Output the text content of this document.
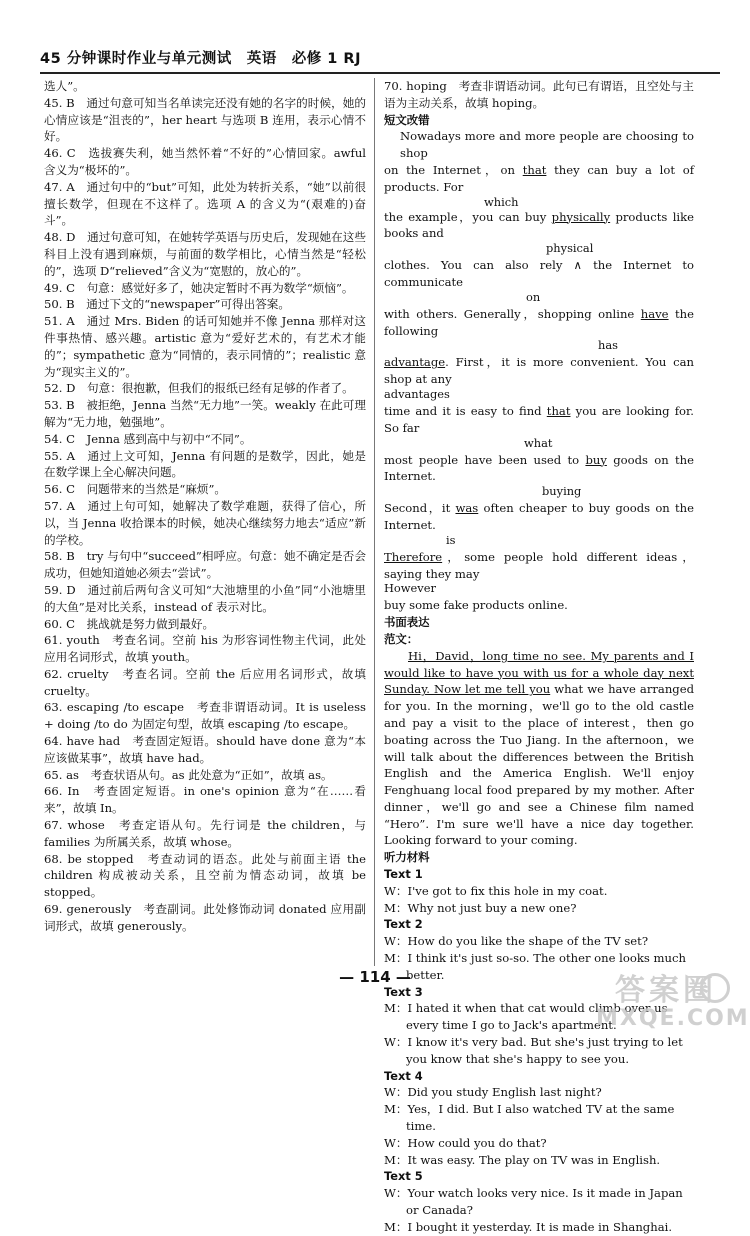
45 分钟课时作业与单元测试　英语　必修 1 RJ
选人”。
45. B　通过句意可知当名单读完还没有她的名字的时候，她的心情应该是“沮丧的”，her heart 与选项 B 连用，表示心情不好。
46. C　选拔赛失利，她当然怀着“不好的”心情回家。awful 含义为“极坏的”。
47. A　通过句中的“but”可知，此处为转折关系，“她”以前很擅长数学，但现在不这样了。选项 A 的含义为“(艰难的)奋斗”。
48. D　通过句意可知，在她转学英语与历史后，发现她在这些科目上没有遇到麻烦，与前面的数学相比，心情当然是“轻松的”，选项 D“relieved”含义为“宽慰的，放心的”。
49. C　句意：感觉好多了，她决定暂时不再为数学“烦恼”。
50. B　通过下文的“newspaper”可得出答案。
51. A　通过 Mrs. Biden 的话可知她并不像 Jenna 那样对这件事热情、感兴趣。artistic 意为“爱好艺术的，有艺术才能的”；sympathetic 意为“同情的，表示同情的”；realistic 意为“现实主义的”。
52. D　句意：很抱歉，但我们的报纸已经有足够的作者了。
53. B　被拒绝，Jenna 当然“无力地”一笑。weakly 在此可理解为“无力地，勉强地”。
54. C　Jenna 感到高中与初中“不同”。
55. A　通过上文可知，Jenna 有问题的是数学，因此，她是在数学课上全心解决问题。
56. C　问题带来的当然是“麻烦”。
57. A　通过上句可知，她解决了数学难题，获得了信心，所以，当 Jenna 收拾课本的时候，她决心继续努力地去“适应”新的学校。
58. B　try 与句中“succeed”相呼应。句意：她不确定是否会成功，但她知道她必须去“尝试”。
59. D　通过前后两句含义可知“大池塘里的小鱼”同“小池塘里的大鱼”是对比关系，instead of 表示对比。
60. C　挑战就是努力做到最好。
61. youth　考查名词。空前 his 为形容词性物主代词，此处应用名词形式，故填 youth。
62. cruelty　考查名词。空前 the 后应用名词形式，故填 cruelty。
63. escaping /to escape　考查非谓语动词。It is useless + doing /to do 为固定句型，故填 escaping /to escape。
64. have had　考查固定短语。should have done 意为“本应该做某事”，故填 have had。
65. as　考查状语从句。as 此处意为“正如”，故填 as。
66. In　考查固定短语。in one's opinion 意为“在……看来”，故填 In。
67. whose　考查定语从句。先行词是 the children，与 families 为所属关系，故填 whose。
68. be stopped　考查动词的语态。此处与前面主语 the children 构成被动关系，且空前为情态动词，故填 be stopped。
69. generously　考查副词。此处修饰动词 donated 应用副词形式，故填 generously。
70. hoping　考查非谓语动词。此句已有谓语，且空处与主语为主动关系，故填 hoping。
短文改错
Nowadays more and more people are choosing to shop
on the Internet，on that they can buy a lot of products. For
which
the example，you can buy physically products like books and
physical
clothes. You can also rely ∧ the Internet to communicate
on
with others. Generally，shopping online have the following
has
advantage. First，it is more convenient. You can shop at any
advantages
time and it is easy to find that you are looking for. So far
what
most people have been used to buy goods on the Internet.
buying
Second，it was often cheaper to buy goods on the Internet.
is
Therefore，some people hold different ideas，saying they may
However
buy some fake products online.
书面表达
范文：
Hi，David，long time no see. My parents and I would like to have you with us for a whole day next Sunday. Now let me tell you what we have arranged for you. In the morning，we'll go to the old castle and pay a visit to the place of interest，then go boating across the Tuo Jiang. In the afternoon，we will talk about the differences between the British English and the America English. We'll enjoy Fenghuang local food prepared by my mother. After dinner，we'll go and see a Chinese film named “Hero”. I'm sure we'll have a nice day together. Looking forward to your coming.
听力材料
Text 1
W：I've got to fix this hole in my coat.
M：Why not just buy a new one?
Text 2
W：How do you like the shape of the TV set?
M：I think it's just so-so. The other one looks much better.
Text 3
M：I hated it when that cat would climb over us every time I go to Jack's apartment.
W：I know it's very bad. But she's just trying to let you know that she's happy to see you.
Text 4
W：Did you study English last night?
M：Yes，I did. But I also watched TV at the same time.
W：How could you do that?
M：It was easy. The play on TV was in English.
Text 5
W：Your watch looks very nice. Is it made in Japan or Canada?
M：I bought it yesterday. It is made in Shanghai.
— 114 —	答案圈
MXQE.COM
